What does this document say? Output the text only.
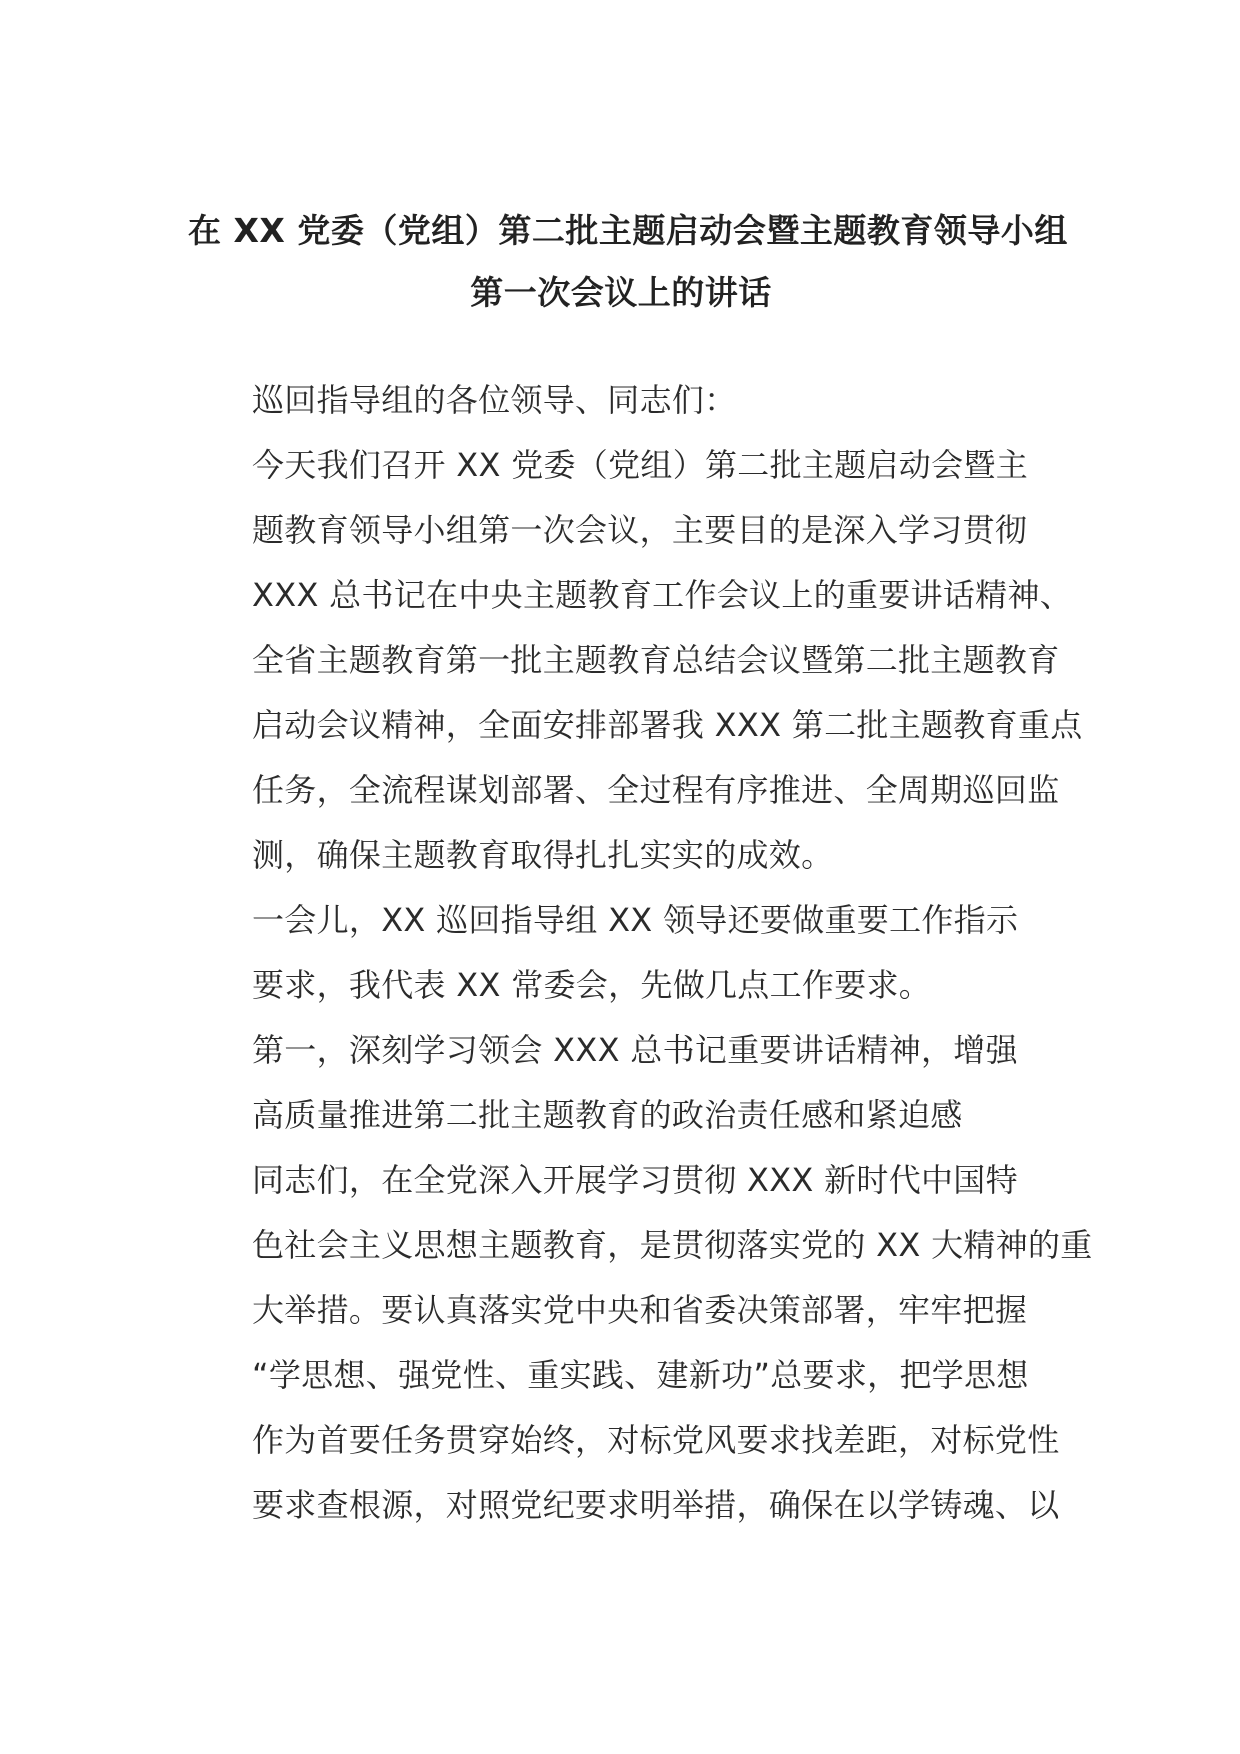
在 XX 党委（党组）第二批主题启动会暨主题教育领导小组
第一次会议上的讲话

巡回指导组的各位领导、同志们：

今天我们召开 XX 党委（党组）第二批主题启动会暨主
题教育领导小组第一次会议，主要目的是深入学习贯彻
XXX 总书记在中央主题教育工作会议上的重要讲话精神、
全省主题教育第一批主题教育总结会议暨第二批主题教育
启动会议精神，全面安排部署我 XXX 第二批主题教育重点
任务，全流程谋划部署、全过程有序推进、全周期巡回监
测，确保主题教育取得扎扎实实的成效。

一会儿，XX 巡回指导组 XX 领导还要做重要工作指示
要求，我代表 XX 常委会，先做几点工作要求。

第一，深刻学习领会 XXX 总书记重要讲话精神，增强
高质量推进第二批主题教育的政治责任感和紧迫感

同志们，在全党深入开展学习贯彻 XXX 新时代中国特
色社会主义思想主题教育，是贯彻落实党的 XX 大精神的重
大举措。要认真落实党中央和省委决策部署，牢牢把握
“学思想、强党性、重实践、建新功”总要求，把学思想
作为首要任务贯穿始终，对标党风要求找差距，对标党性
要求查根源，对照党纪要求明举措，确保在以学铸魂、以
